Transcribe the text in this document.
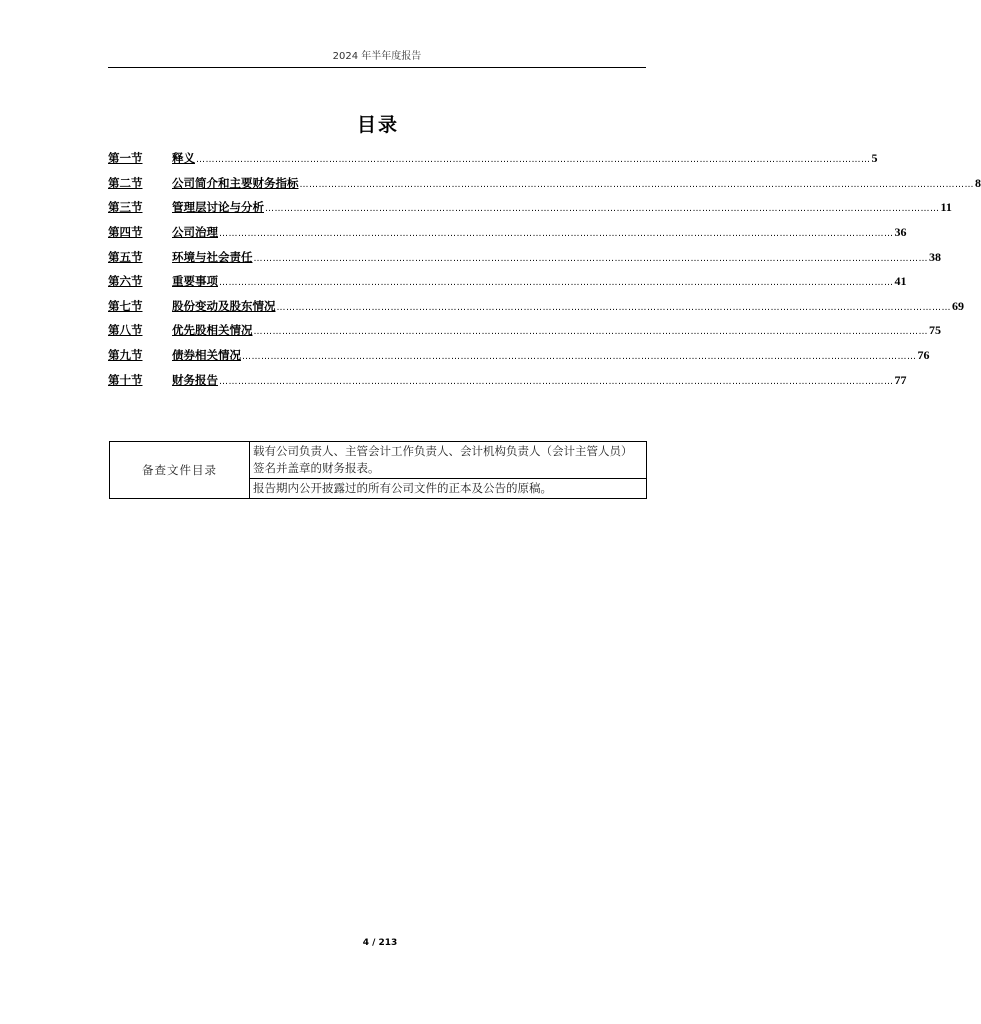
2024 年半年度报告
目录
第一节	释义 …………………………………………………………………………………………………………………………………………………………………………………………… 5
第二节	公司简介和主要财务指标 …………………………………………………………………………………………………………………………………………………………………………………………… 8
第三节	管理层讨论与分析 …………………………………………………………………………………………………………………………………………………………………………………………… 11
第四节	公司治理 …………………………………………………………………………………………………………………………………………………………………………………………… 36
第五节	环境与社会责任 …………………………………………………………………………………………………………………………………………………………………………………………… 38
第六节	重要事项 …………………………………………………………………………………………………………………………………………………………………………………………… 41
第七节	股份变动及股东情况 …………………………………………………………………………………………………………………………………………………………………………………………… 69
第八节	优先股相关情况 …………………………………………………………………………………………………………………………………………………………………………………………… 75
第九节	债券相关情况 …………………………………………………………………………………………………………………………………………………………………………………………… 76
第十节	财务报告 …………………………………………………………………………………………………………………………………………………………………………………………… 77
备查文件目录	载有公司负责人、主管会计工作负责人、会计机构负责人（会计主管人员）签名并盖章的财务报表。
报告期内公开披露过的所有公司文件的正本及公告的原稿。
4 / 213
